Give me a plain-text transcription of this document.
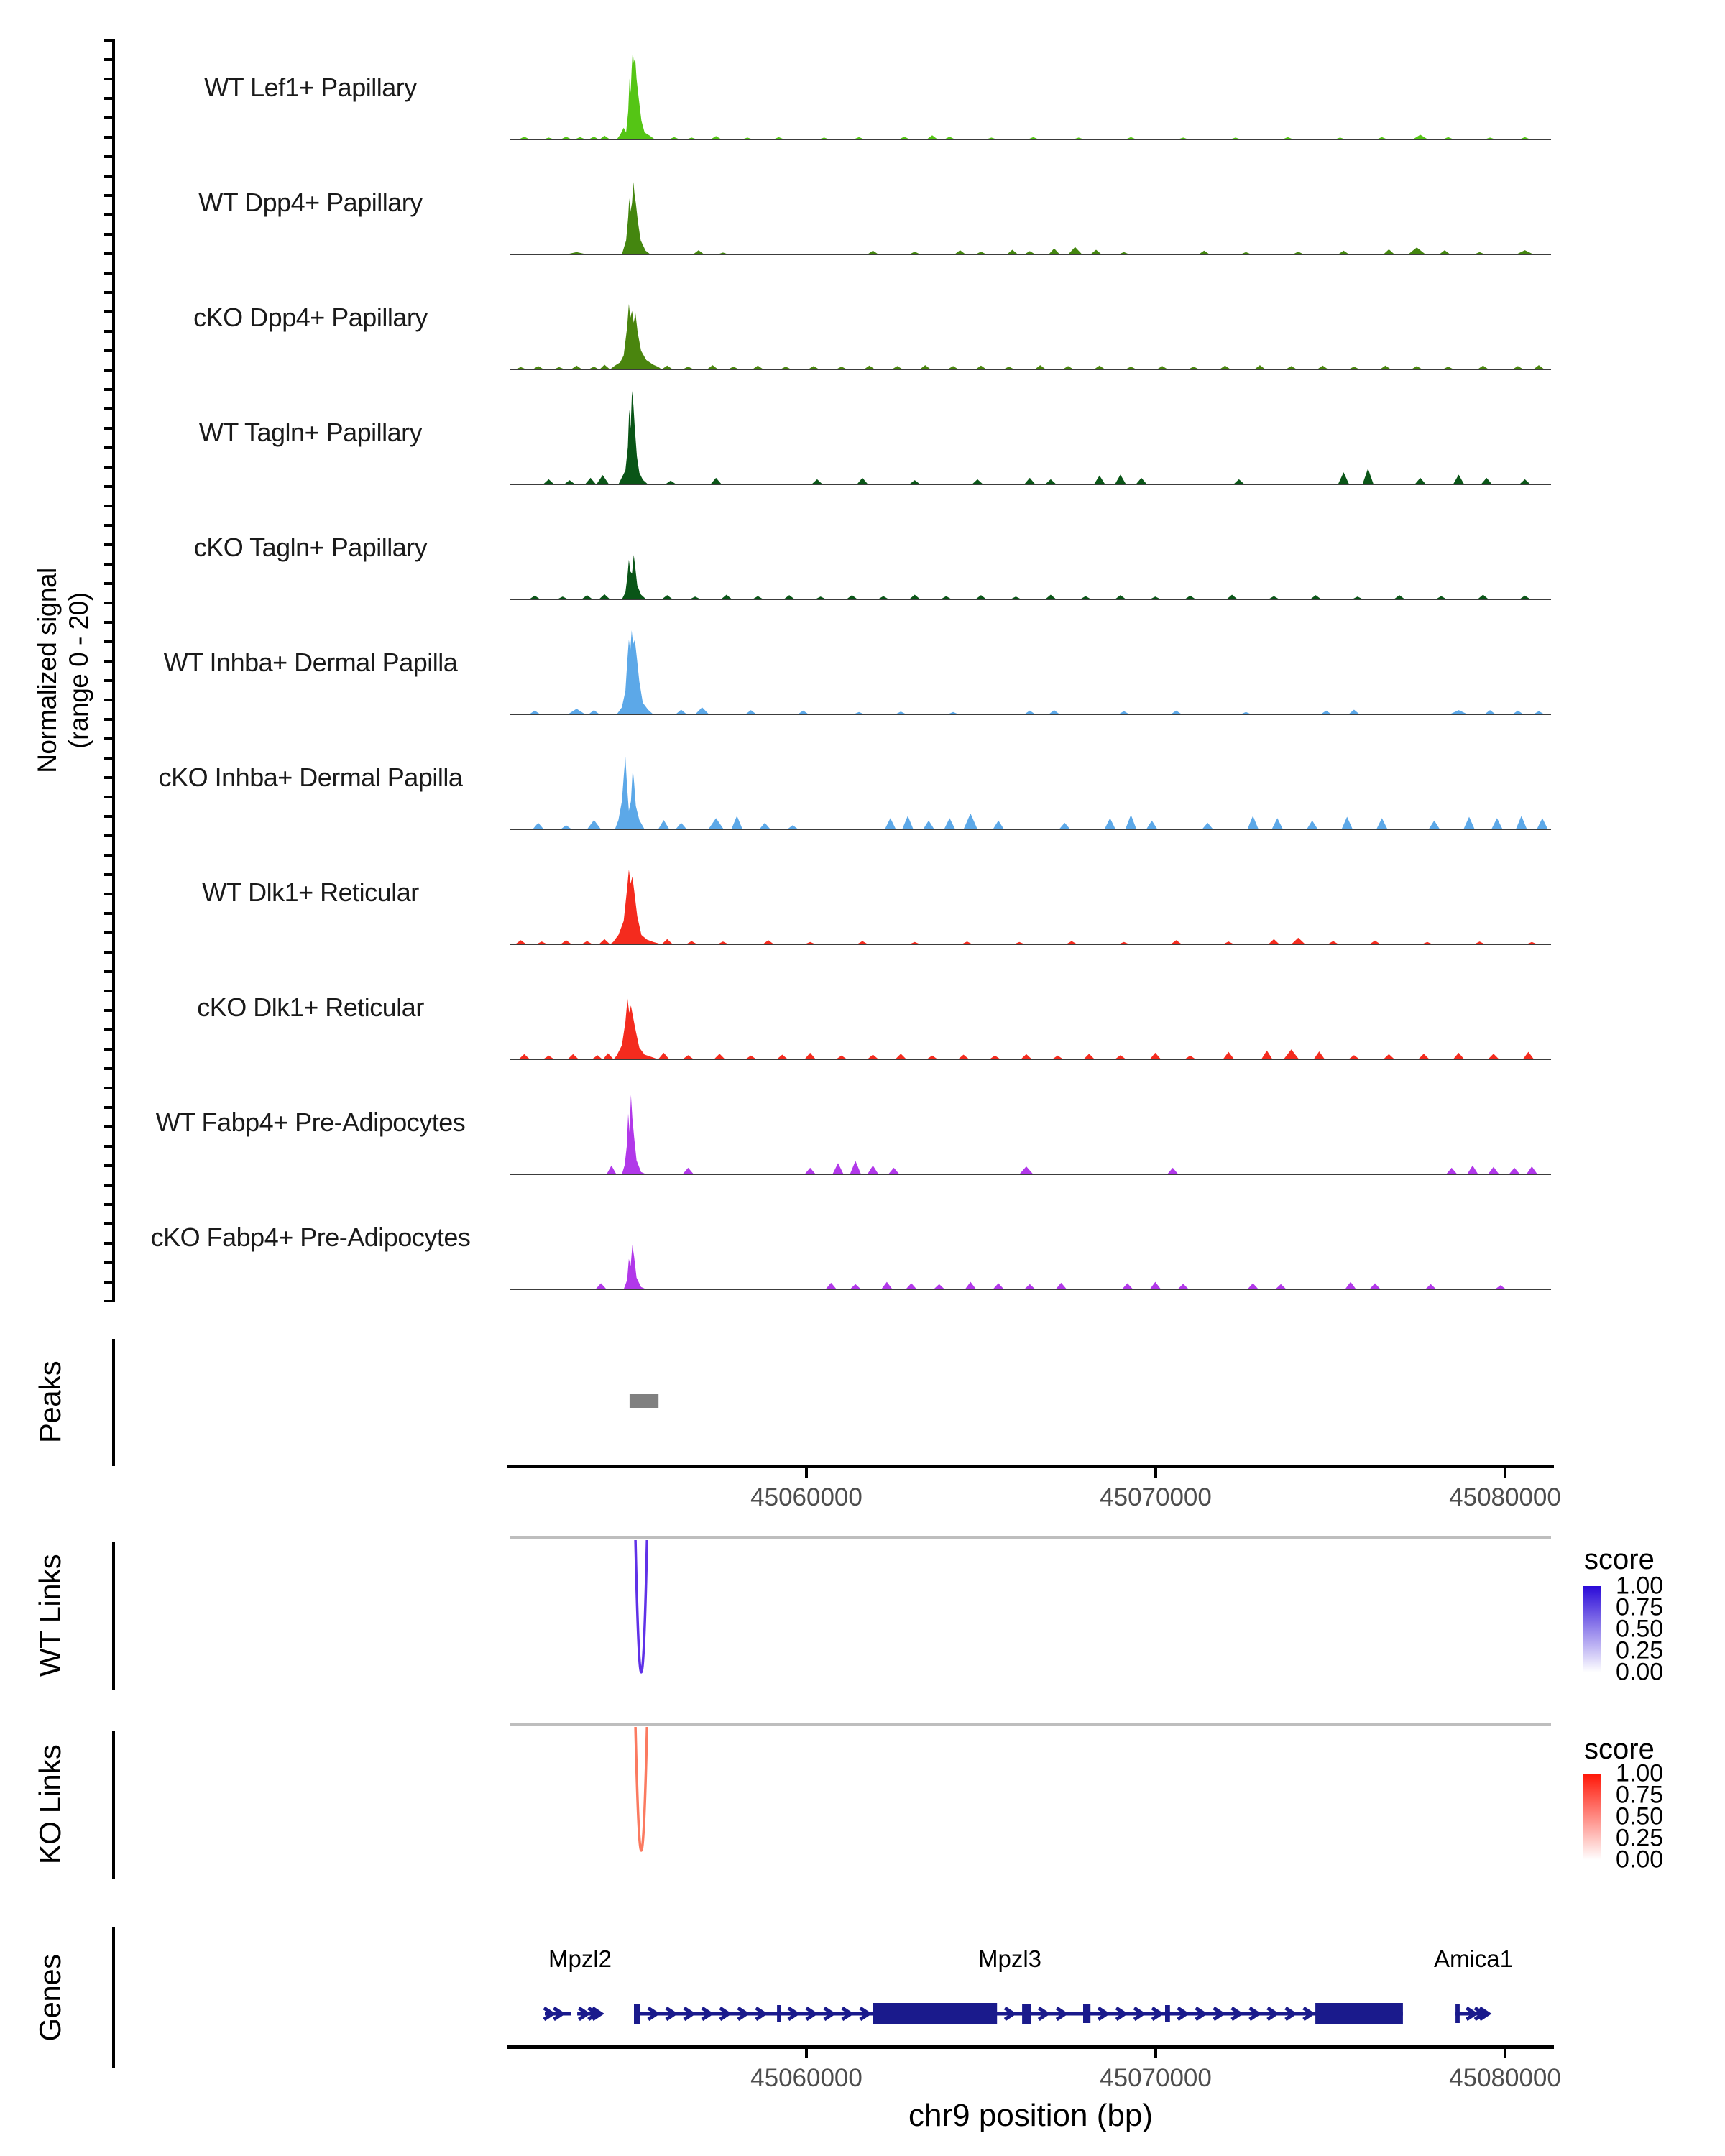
Normalized signal (range 0 - 20)
WT Lef1+ Papillary
WT Dpp4+ Papillary
cKO Dpp4+ Papillary
WT Tagln+ Papillary
cKO Tagln+ Papillary
WT Inhba+ Dermal Papilla
cKO Inhba+ Dermal Papilla
WT Dlk1+ Reticular
cKO Dlk1+ Reticular
WT Fabp4+ Pre-Adipocytes
cKO Fabp4+ Pre-Adipocytes
Peaks
45060000	45070000	45080000
WT Links	score
1.00
0.75
0.50
0.25
0.00
KO Links	score
1.00
0.75
0.50
0.25
0.00
Genes	Mpzl2	Mpzl3	Amica1
45060000	45070000	45080000
chr9 position (bp)
